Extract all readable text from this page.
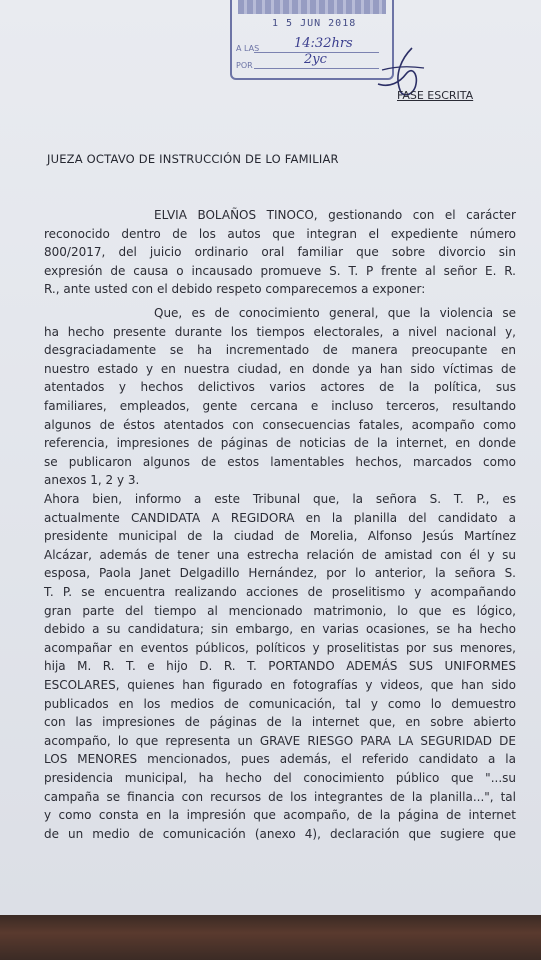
1 5 JUN 2018
A LAS	14:32hrs
POR	2yc
FASE ESCRITA
JUEZA OCTAVO DE INSTRUCCIÓN DE LO FAMILIAR
ELVIA BOLAÑOS TINOCO, gestionando con el carácter
reconocido dentro de los autos que integran el expediente número
800/2017, del juicio ordinario oral familiar que sobre divorcio sin
expresión de causa o incausado promueve S. T. P frente al señor E. R.
R., ante usted con el debido respeto comparecemos a exponer:
Que, es de conocimiento general, que la violencia se
ha hecho presente durante los tiempos electorales, a nivel nacional y,
desgraciadamente se ha incrementado de manera preocupante en
nuestro estado y en nuestra ciudad, en donde ya han sido víctimas de
atentados y hechos delictivos varios actores de la política, sus
familiares, empleados, gente cercana e incluso terceros, resultando
algunos de éstos atentados con consecuencias fatales, acompaño como
referencia, impresiones de páginas de noticias de la internet, en donde
se publicaron algunos de estos lamentables hechos, marcados como
anexos 1, 2 y 3.
Ahora bien, informo a este Tribunal que, la señora S. T. P., es
actualmente CANDIDATA A REGIDORA en la planilla del candidato a
presidente municipal de la ciudad de Morelia, Alfonso Jesús Martínez
Alcázar, además de tener una estrecha relación de amistad con él y su
esposa, Paola Janet Delgadillo Hernández, por lo anterior, la señora S.
T. P. se encuentra realizando acciones de proselitismo y acompañando
gran parte del tiempo al mencionado matrimonio, lo que es lógico,
debido a su candidatura; sin embargo, en varias ocasiones, se ha hecho
acompañar en eventos públicos, políticos y proselitistas por sus menores,
hija M. R. T. e hijo D. R. T. PORTANDO ADEMÁS SUS UNIFORMES
ESCOLARES, quienes han figurado en fotografías y videos, que han sido
publicados en los medios de comunicación, tal y como lo demuestro
con las impresiones de páginas de la internet que, en sobre abierto
acompaño, lo que representa un GRAVE RIESGO PARA LA SEGURIDAD DE
LOS MENORES mencionados, pues además, el referido candidato a la
presidencia municipal, ha hecho del conocimiento público que "...su
campaña se financia con recursos de los integrantes de la planilla...", tal
y como consta en la impresión que acompaño, de la página de internet
de un medio de comunicación (anexo 4), declaración que sugiere que
